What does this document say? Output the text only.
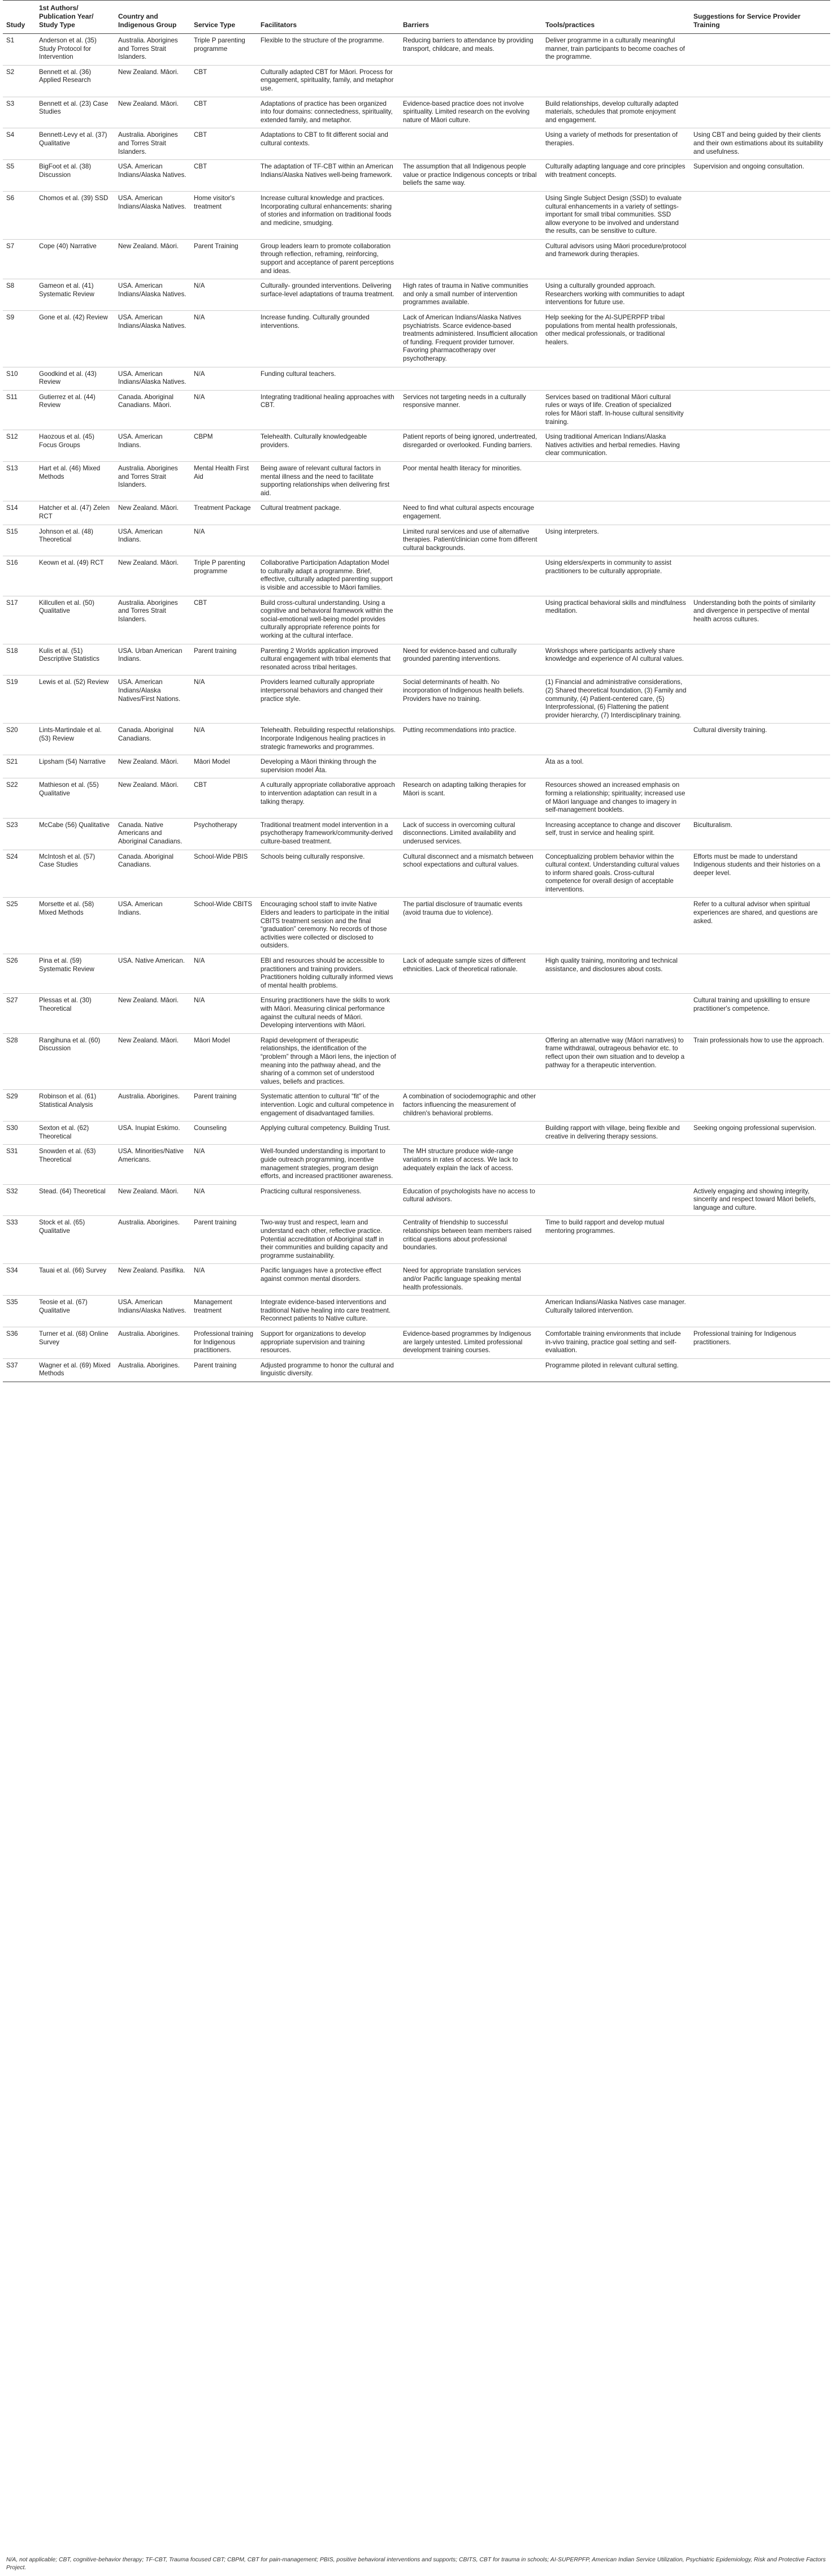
Study	1st Authors/ Publication Year/ Study Type	Country and Indigenous Group	Service Type	Facilitators	Barriers	Tools/practices	Suggestions for Service Provider Training
S1	Anderson et al. (35) Study Protocol for Intervention	Australia. Aborigines and Torres Strait Islanders.	Triple P parenting programme	Flexible to the structure of the programme.	Reducing barriers to attendance by providing transport, childcare, and meals.	Deliver programme in a culturally meaningful manner, train participants to become coaches of the programme.	
S2	Bennett et al. (36) Applied Research	New Zealand. Māori.	CBT	Culturally adapted CBT for Māori. Process for engagement, spirituality, family, and metaphor use.			
S3	Bennett et al. (23) Case Studies	New Zealand. Māori.	CBT	Adaptations of practice has been organized into four domains: connectedness, spirituality, extended family, and metaphor.	Evidence-based practice does not involve spirituality. Limited research on the evolving nature of Māori culture.	Build relationships, develop culturally adapted materials, schedules that promote enjoyment and engagement.	
S4	Bennett-Levy et al. (37) Qualitative	Australia. Aborigines and Torres Strait Islanders.	CBT	Adaptations to CBT to fit different social and cultural contexts.		Using a variety of methods for presentation of therapies.	Using CBT and being guided by their clients and their own estimations about its suitability and usefulness.
S5	BigFoot et al. (38) Discussion	USA. American Indians/Alaska Natives.	CBT	The adaptation of TF-CBT within an American Indians/Alaska Natives well-being framework.	The assumption that all Indigenous people value or practice Indigenous concepts or tribal beliefs the same way.	Culturally adapting language and core principles with treatment concepts.	Supervision and ongoing consultation.
S6	Chomos et al. (39) SSD	USA. American Indians/Alaska Natives.	Home visitor's treatment	Increase cultural knowledge and practices. Incorporating cultural enhancements: sharing of stories and information on traditional foods and medicine, smudging.		Using Single Subject Design (SSD) to evaluate cultural enhancements in a variety of settings-important for small tribal communities. SSD allow everyone to be involved and understand the results, can be sensitive to culture.	
S7	Cope (40) Narrative	New Zealand. Māori.	Parent Training	Group leaders learn to promote collaboration through reflection, reframing, reinforcing, support and acceptance of parent perceptions and ideas.		Cultural advisors using Māori procedure/protocol and framework during therapies.	
S8	Gameon et al. (41) Systematic Review	USA. American Indians/Alaska Natives.	N/A	Culturally- grounded interventions. Delivering surface-level adaptations of trauma treatment.	High rates of trauma in Native communities and only a small number of intervention programmes available.	Using a culturally grounded approach. Researchers working with communities to adapt interventions for future use.	
S9	Gone et al. (42) Review	USA. American Indians/Alaska Natives.	N/A	Increase funding. Culturally grounded interventions.	Lack of American Indians/Alaska Natives psychiatrists. Scarce evidence-based treatments administered. Insufficient allocation of funding. Frequent provider turnover. Favoring pharmacotherapy over psychotherapy.	Help seeking for the AI-SUPERPFP tribal populations from mental health professionals, other medical professionals, or traditional healers.	
S10	Goodkind et al. (43) Review	USA. American Indians/Alaska Natives.	N/A	Funding cultural teachers.			
S11	Gutierrez et al. (44) Review	Canada. Aboriginal Canadians. Māori.	N/A	Integrating traditional healing approaches with CBT.	Services not targeting needs in a culturally responsive manner.	Services based on traditional Māori cultural rules or ways of life. Creation of specialized roles for Māori staff. In-house cultural sensitivity training.	
S12	Haozous et al. (45) Focus Groups	USA. American Indians.	CBPM	Telehealth. Culturally knowledgeable providers.	Patient reports of being ignored, undertreated, disregarded or overlooked. Funding barriers.	Using traditional American Indians/Alaska Natives activities and herbal remedies. Having clear communication.	
S13	Hart et al. (46) Mixed Methods	Australia. Aborigines and Torres Strait Islanders.	Mental Health First Aid	Being aware of relevant cultural factors in mental illness and the need to facilitate supporting relationships when delivering first aid.	Poor mental health literacy for minorities.		
S14	Hatcher et al. (47) Zelen RCT	New Zealand. Māori.	Treatment Package	Cultural treatment package.	Need to find what cultural aspects encourage engagement.		
S15	Johnson et al. (48) Theoretical	USA. American Indians.	N/A		Limited rural services and use of alternative therapies. Patient/clinician come from different cultural backgrounds.	Using interpreters.	
S16	Keown et al. (49) RCT	New Zealand. Māori.	Triple P parenting programme	Collaborative Participation Adaptation Model to culturally adapt a programme. Brief, effective, culturally adapted parenting support is visible and accessible to Māori families.		Using elders/experts in community to assist practitioners to be culturally appropriate.	
S17	Killcullen et al. (50) Qualitative	Australia. Aborigines and Torres Strait Islanders.	CBT	Build cross-cultural understanding. Using a cognitive and behavioral framework within the social-emotional well-being model provides culturally appropriate reference points for working at the cultural interface.		Using practical behavioral skills and mindfulness meditation.	Understanding both the points of similarity and divergence in perspective of mental health across cultures.
S18	Kulis et al. (51) Descriptive Statistics	USA. Urban American Indians.	Parent training	Parenting 2 Worlds application improved cultural engagement with tribal elements that resonated across tribal heritages.	Need for evidence-based and culturally grounded parenting interventions.	Workshops where participants actively share knowledge and experience of AI cultural values.	
S19	Lewis et al. (52) Review	USA. American Indians/Alaska Natives/First Nations.	N/A	Providers learned culturally appropriate interpersonal behaviors and changed their practice style.	Social determinants of health. No incorporation of Indigenous health beliefs. Providers have no training.	(1) Financial and administrative considerations, (2) Shared theoretical foundation, (3) Family and community, (4) Patient-centered care, (5) Interprofessional, (6) Flattening the patient provider hierarchy, (7) Interdisciplinary training.	
S20	Lints-Martindale et al. (53) Review	Canada. Aboriginal Canadians.	N/A	Telehealth. Rebuilding respectful relationships. Incorporate Indigenous healing practices in strategic frameworks and programmes.	Putting recommendations into practice.		Cultural diversity training.
S21	Lipsham (54) Narrative	New Zealand. Māori.	Māori Model	Developing a Māori thinking through the supervision model Āta.		Āta as a tool.	
S22	Mathieson et al. (55) Qualitative	New Zealand. Māori.	CBT	A culturally appropriate collaborative approach to intervention adaptation can result in a talking therapy.	Research on adapting talking therapies for Māori is scant.	Resources showed an increased emphasis on forming a relationship; spirituality; increased use of Māori language and changes to imagery in self-management booklets.	
S23	McCabe (56) Qualitative	Canada. Native Americans and Aboriginal Canadians.	Psychotherapy	Traditional treatment model intervention in a psychotherapy framework/community-derived culture-based treatment.	Lack of success in overcoming cultural disconnections. Limited availability and underused services.	Increasing acceptance to change and discover self, trust in service and healing spirit.	Biculturalism.
S24	McIntosh et al. (57) Case Studies	Canada. Aboriginal Canadians.	School-Wide PBIS	Schools being culturally responsive.	Cultural disconnect and a mismatch between school expectations and cultural values.	Conceptualizing problem behavior within the cultural context. Understanding cultural values to inform shared goals. Cross-cultural competence for overall design of acceptable interventions.	Efforts must be made to understand Indigenous students and their histories on a deeper level.
S25	Morsette et al. (58) Mixed Methods	USA. American Indians.	School-Wide CBITS	Encouraging school staff to invite Native Elders and leaders to participate in the initial CBITS treatment session and the final “graduation” ceremony. No records of those activities were collected or disclosed to outsiders.	The partial disclosure of traumatic events (avoid trauma due to violence).		Refer to a cultural advisor when spiritual experiences are shared, and questions are asked.
S26	Pina et al. (59) Systematic Review	USA. Native American.	N/A	EBI and resources should be accessible to practitioners and training providers. Practitioners holding culturally informed views of mental health problems.	Lack of adequate sample sizes of different ethnicities. Lack of theoretical rationale.	High quality training, monitoring and technical assistance, and disclosures about costs.	
S27	Plessas et al. (30) Theoretical	New Zealand. Māori.	N/A	Ensuring practitioners have the skills to work with Māori. Measuring clinical performance against the cultural needs of Māori. Developing interventions with Māori.			Cultural training and upskilling to ensure practitioner's competence.
S28	Rangihuna et al. (60) Discussion	New Zealand. Māori.	Māori Model	Rapid development of therapeutic relationships, the identification of the “problem” through a Māori lens, the injection of meaning into the pathway ahead, and the sharing of a common set of understood values, beliefs and practices.		Offering an alternative way (Māori narratives) to frame withdrawal, outrageous behavior etc. to reflect upon their own situation and to develop a pathway for a therapeutic intervention.	Train professionals how to use the approach.
S29	Robinson et al. (61) Statistical Analysis	Australia. Aborigines.	Parent training	Systematic attention to cultural “fit” of the intervention. Logic and cultural competence in engagement of disadvantaged families.	A combination of sociodemographic and other factors influencing the measurement of children's behavioral problems.		
S30	Sexton et al. (62) Theoretical	USA. Inupiat Eskimo.	Counseling	Applying cultural competency. Building Trust.		Building rapport with village, being flexible and creative in delivering therapy sessions.	Seeking ongoing professional supervision.
S31	Snowden et al. (63) Theoretical	USA. Minorities/Native Americans.	N/A	Well-founded understanding is important to guide outreach programming, incentive management strategies, program design efforts, and increased practitioner awareness.	The MH structure produce wide-range variations in rates of access. We lack to adequately explain the lack of access.		
S32	Stead. (64) Theoretical	New Zealand. Māori.	N/A	Practicing cultural responsiveness.	Education of psychologists have no access to cultural advisors.		Actively engaging and showing integrity, sincerity and respect toward Māori beliefs, language and culture.
S33	Stock et al. (65) Qualitative	Australia. Aborigines.	Parent training	Two-way trust and respect, learn and understand each other, reflective practice. Potential accreditation of Aboriginal staff in their communities and building capacity and programme sustainability.	Centrality of friendship to successful relationships between team members raised critical questions about professional boundaries.	Time to build rapport and develop mutual mentoring programmes.	
S34	Tauai et al. (66) Survey	New Zealand. Pasifika.	N/A	Pacific languages have a protective effect against common mental disorders.	Need for appropriate translation services and/or Pacific language speaking mental health professionals.		
S35	Teosie et al. (67) Qualitative	USA. American Indians/Alaska Natives.	Management treatment	Integrate evidence-based interventions and traditional Native healing into care treatment. Reconnect patients to Native culture.		American Indians/Alaska Natives case manager. Culturally tailored intervention.	
S36	Turner et al. (68) Online Survey	Australia. Aborigines.	Professional training for Indigenous practitioners.	Support for organizations to develop appropriate supervision and training resources.	Evidence-based programmes by Indigenous are largely untested. Limited professional development training courses.	Comfortable training environments that include in-vivo training, practice goal setting and self-evaluation.	Professional training for Indigenous practitioners.
S37	Wagner et al. (69) Mixed Methods	Australia. Aborigines.	Parent training	Adjusted programme to honor the cultural and linguistic diversity.		Programme piloted in relevant cultural setting.	
N/A, not applicable; CBT, cognitive-behavior therapy; TF-CBT, Trauma focused CBT; CBPM, CBT for pain-management; PBIS, positive behavioral interventions and supports; CBITS, CBT for trauma in schools; AI-SUPERPFP, American Indian Service Utilization, Psychiatric Epidemiology, Risk and Protective Factors Project.
